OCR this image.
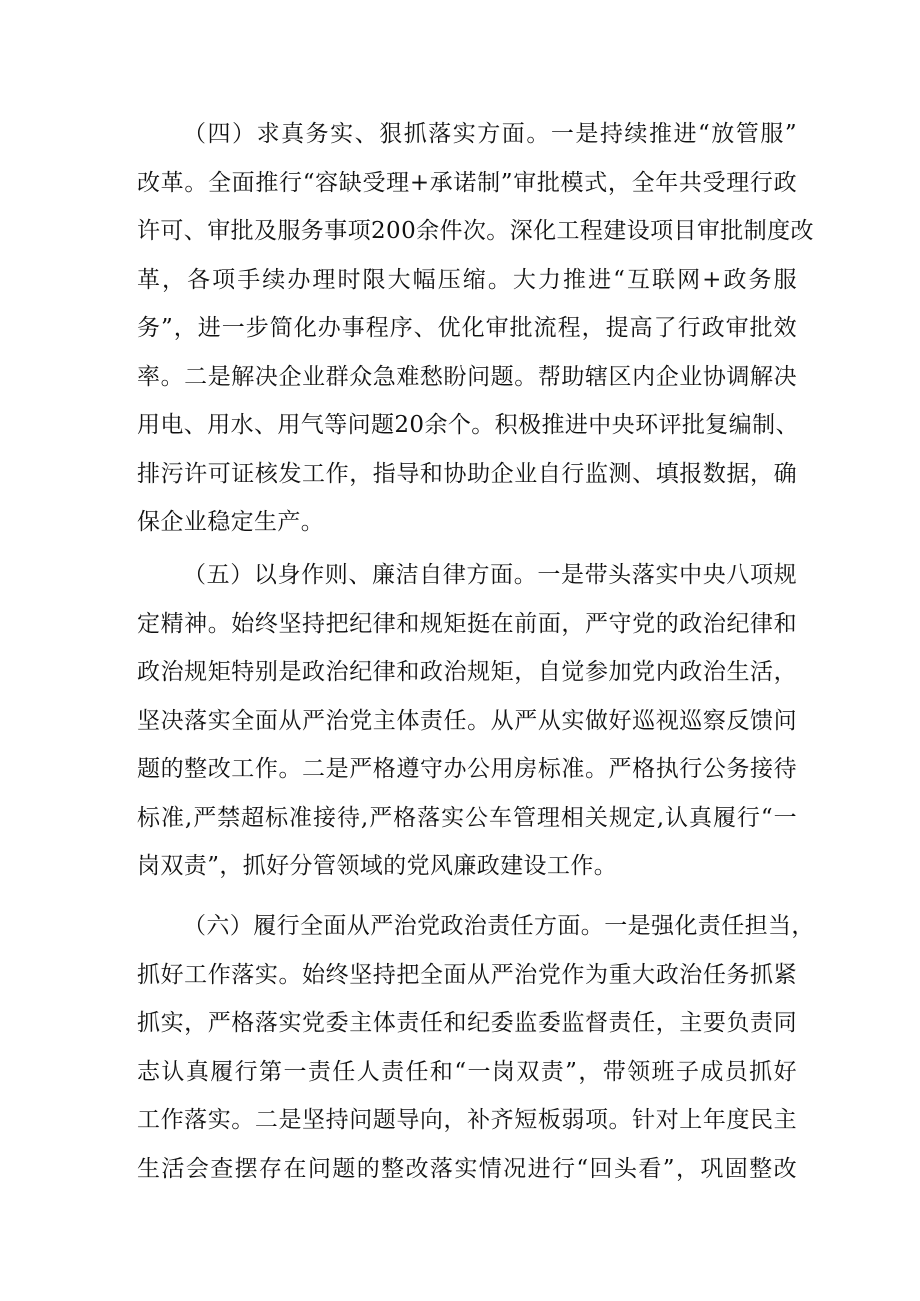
（四）求真务实、狠抓落实方面。一是持续推进“放管服”
改革。全面推行“容缺受理+承诺制”审批模式，全年共受理行政
许可、审批及服务事项200余件次。深化工程建设项目审批制度改
革，各项手续办理时限大幅压缩。大力推进“互联网+政务服
务”，进一步简化办事程序、优化审批流程，提高了行政审批效
率。二是解决企业群众急难愁盼问题。帮助辖区内企业协调解决
用电、用水、用气等问题20余个。积极推进中央环评批复编制、
排污许可证核发工作，指导和协助企业自行监测、填报数据，确
保企业稳定生产。
（五）以身作则、廉洁自律方面。一是带头落实中央八项规
定精神。始终坚持把纪律和规矩挺在前面，严守党的政治纪律和
政治规矩特别是政治纪律和政治规矩，自觉参加党内政治生活，
坚决落实全面从严治党主体责任。从严从实做好巡视巡察反馈问
题的整改工作。二是严格遵守办公用房标准。严格执行公务接待
标准,严禁超标准接待,严格落实公车管理相关规定,认真履行“一
岗双责”，抓好分管领域的党风廉政建设工作。
（六）履行全面从严治党政治责任方面。一是强化责任担当，
抓好工作落实。始终坚持把全面从严治党作为重大政治任务抓紧
抓实，严格落实党委主体责任和纪委监委监督责任，主要负责同
志认真履行第一责任人责任和“一岗双责”，带领班子成员抓好
工作落实。二是坚持问题导向，补齐短板弱项。针对上年度民主
生活会查摆存在问题的整改落实情况进行“回头看”，巩固整改
